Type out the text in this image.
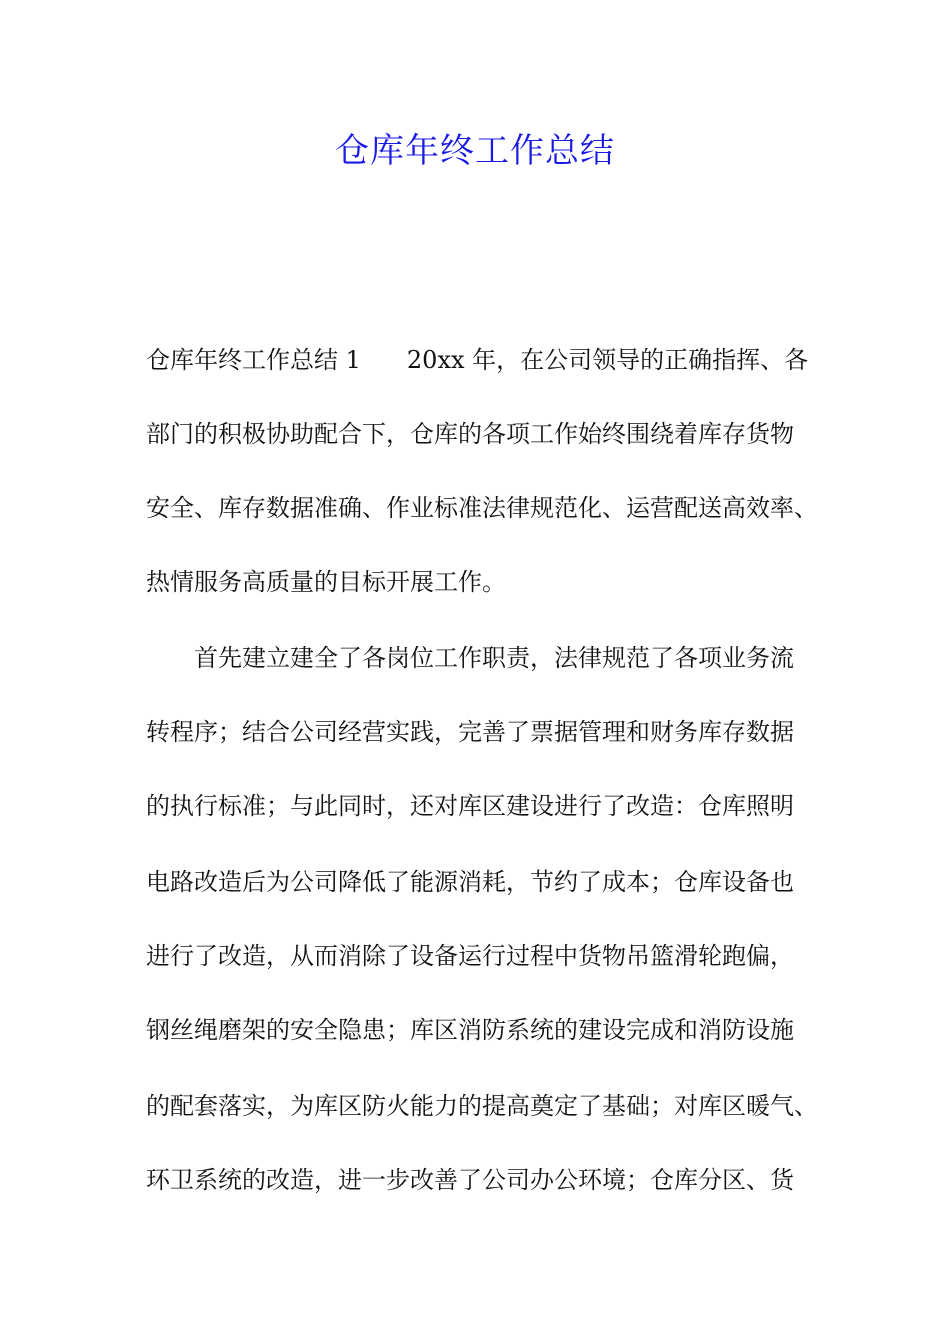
仓库年终工作总结
仓库年终工作总结 1 20xx 年，在公司领导的正确指挥、各
部门的积极协助配合下，仓库的各项工作始终围绕着库存货物
安全、库存数据准确、作业标准法律规范化、运营配送高效率、
热情服务高质量的目标开展工作。
首先建立建全了各岗位工作职责，法律规范了各项业务流
转程序；结合公司经营实践，完善了票据管理和财务库存数据
的执行标准；与此同时，还对库区建设进行了改造：仓库照明
电路改造后为公司降低了能源消耗，节约了成本；仓库设备也
进行了改造，从而消除了设备运行过程中货物吊篮滑轮跑偏，
钢丝绳磨架的安全隐患；库区消防系统的建设完成和消防设施
的配套落实，为库区防火能力的提高奠定了基础；对库区暖气、
环卫系统的改造，进一步改善了公司办公环境；仓库分区、货
